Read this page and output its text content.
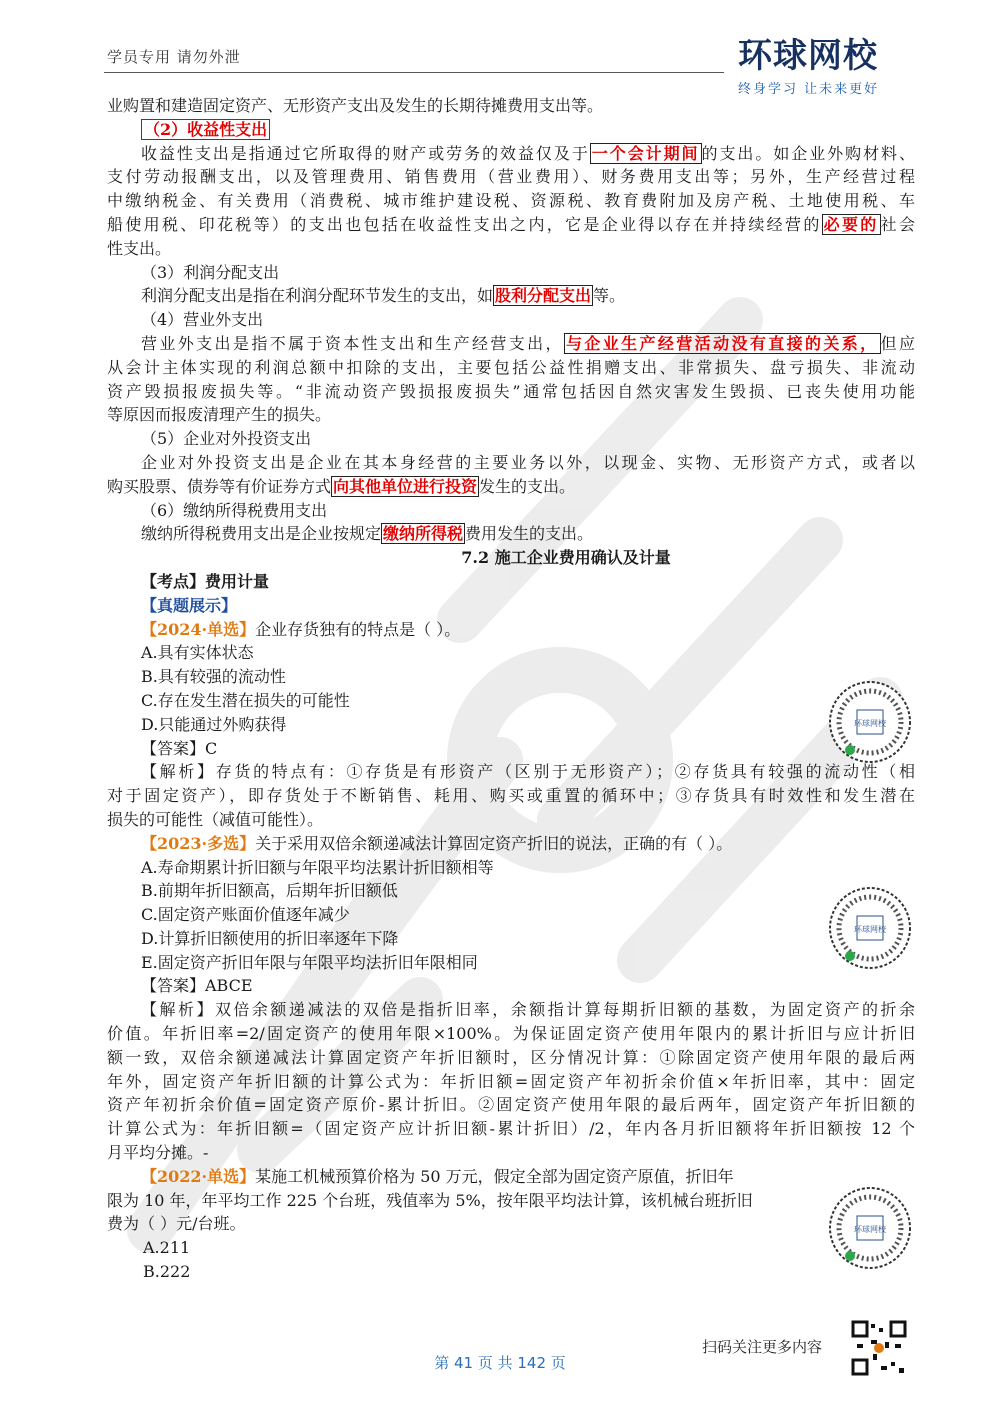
学员专用 请勿外泄	环球网校
终身学习 让未来更好
业购置和建造固定资产、无形资产支出及发生的长期待摊费用支出等。
（2）收益性支出
收益性支出是指通过它所取得的财产或劳务的效益仅及于 一个会计期间 的支出。如企业外购材料、
支付劳动报酬支出，以及管理费用、销售费用（营业费用）、财务费用支出等；另外，生产经营过程
中缴纳税金、有关费用（消费税、城市维护建设税、资源税、教育费附加及房产税、土地使用税、车
船使用税、印花税等）的支出也包括在收益性支出之内，它是企业得以存在并持续经营的 必要的 社会
性支出。
（3）利润分配支出
利润分配支出是指在利润分配环节发生的支出，如 股利分配支出 等。
（4）营业外支出
营业外支出是指不属于资本性支出和生产经营支出， 与企业生产经营活动没有直接的关系， 但应
从会计主体实现的利润总额中扣除的支出，主要包括公益性捐赠支出、非常损失、盘亏损失、非流动
资产毁损报废损失等。“非流动资产毁损报废损失”通常包括因自然灾害发生毁损、已丧失使用功能
等原因而报废清理产生的损失。
（5）企业对外投资支出
企业对外投资支出是企业在其本身经营的主要业务以外，以现金、实物、无形资产方式，或者以
购买股票、债券等有价证券方式 向其他单位进行投资 发生的支出。
（6）缴纳所得税费用支出
缴纳所得税费用支出是企业按规定 缴纳所得税 费用发生的支出。
7.2 施工企业费用确认及计量
【考点】费用计量
【真题展示】
【2024·单选】企业存货独有的特点是（ ）。
A.具有实体状态
B.具有较强的流动性
C.存在发生潜在损失的可能性
D.只能通过外购获得
【答案】C
【解析】存货的特点有：①存货是有形资产（区别于无形资产）；②存货具有较强的流动性（相
对于固定资产），即存货处于不断销售、耗用、购买或重置的循环中；③存货具有时效性和发生潜在
损失的可能性（减值可能性）。
【2023·多选】关于采用双倍余额递减法计算固定资产折旧的说法，正确的有（ ）。
A.寿命期累计折旧额与年限平均法累计折旧额相等
B.前期年折旧额高，后期年折旧额低
C.固定资产账面价值逐年减少
D.计算折旧额使用的折旧率逐年下降
E.固定资产折旧年限与年限平均法折旧年限相同
【答案】ABCE
【解析】双倍余额递减法的双倍是指折旧率，余额指计算每期折旧额的基数，为固定资产的折余
价值。年折旧率=2/固定资产的使用年限×100%。为保证固定资产使用年限内的累计折旧与应计折旧
额一致，双倍余额递减法计算固定资产年折旧额时，区分情况计算：①除固定资产使用年限的最后两
年外，固定资产年折旧额的计算公式为：年折旧额=固定资产年初折余价值×年折旧率，其中：固定
资产年初折余价值=固定资产原价-累计折旧。②固定资产使用年限的最后两年，固定资产年折旧额的
计算公式为：年折旧额=（固定资产应计折旧额-累计折旧）/2，年内各月折旧额将年折旧额按 12 个
月平均分摊。-
【2022·单选】某施工机械预算价格为 50 万元，假定全部为固定资产原值，折旧年
限为 10 年，年平均工作 225 个台班，残值率为 5%，按年限平均法计算，该机械台班折旧
费为（ ）元/台班。
A.211
B.222
环球网校
环球网校
环球网校
扫码关注更多内容
第 41 页 共 142 页
